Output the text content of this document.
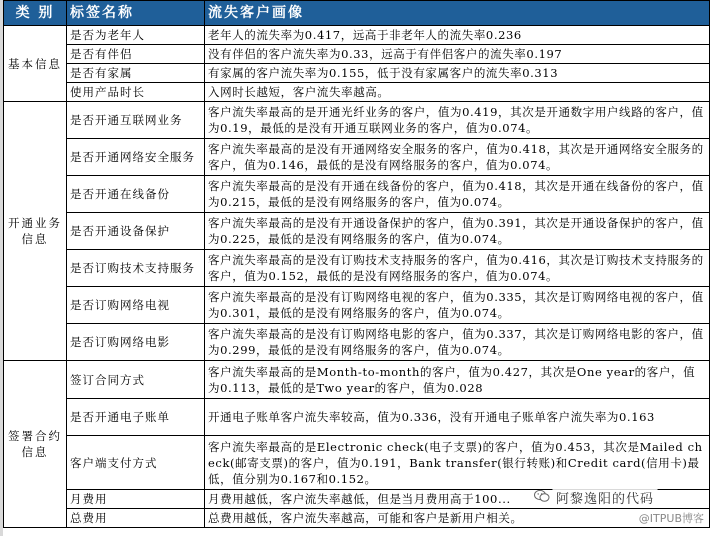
类 别	标签名称	流失客户画像
基本信息	是否为老年人	老年人的流失率为0.417，远高于非老年人的流失率0.236
	是否有伴侣	没有伴侣的客户流失率为0.33，远高于有伴侣客户的流失率0.197
	是否有家属	有家属的客户流失率为0.155，低于没有家属客户的流失率0.313
	使用产品时长	入网时长越短，客户流失率越高。
开通业务信息	是否开通互联网业务	客户流失率最高的是开通光纤业务的客户，值为0.419，其次是开通数字用户线路的客户，值为0.19，最低的是没有开通互联网业务的客户，值为0.074。
	是否开通网络安全服务	客户流失率最高的是没有开通网络安全服务的客户，值为0.418，其次是开通网络安全服务的客户，值为0.146，最低的是没有网络服务的客户，值为0.074。
	是否开通在线备份	客户流失率最高的是没有开通在线备份的客户，值为0.418，其次是开通在线备份的客户，值为0.215，最低的是没有网络服务的客户，值为0.074。
	是否开通设备保护	客户流失率最高的是没有开通设备保护的客户，值为0.391，其次是开通设备保护的客户，值为0.225，最低的是没有网络服务的客户，值为0.074。
	是否订购技术支持服务	客户流失率最高的是没有订购技术支持服务的客户，值为0.416，其次是订购技术支持服务的客户，值为0.152，最低的是没有网络服务的客户，值为0.074。
	是否订购网络电视	客户流失率最高的是没有订购网络电视的客户，值为0.335，其次是订购网络电视的客户，值为0.301，最低的是没有网络服务的客户，值为0.074。
	是否订购网络电影	客户流失率最高的是没有订购网络电影的客户，值为0.337，其次是订购网络电影的客户，值为0.299，最低的是没有网络服务的客户，值为0.074。
签署合约信息	签订合同方式	客户流失率最高的是Month-to-month的客户，值为0.427，其次是One year的客户，值为0.113，最低的是Two year的客户，值为0.028
	是否开通电子账单	开通电子账单客户流失率较高，值为0.336，没有开通电子账单客户流失率为0.163
	客户端支付方式	客户流失率最高的是Electronic check(电子支票)的客户，值为0.453，其次是Mailed check(邮寄支票)的客户，值为0.191，Bank transfer(银行转账)和Credit card(信用卡)最低，值分别为0.167和0.152。
	月费用	月费用越低，客户流失率越低，但是当月费用高于100...
	总费用	总费用越低，客户流失率越高，可能和客户是新用户相关。
阿黎逸阳的代码
@ITPUB博客
